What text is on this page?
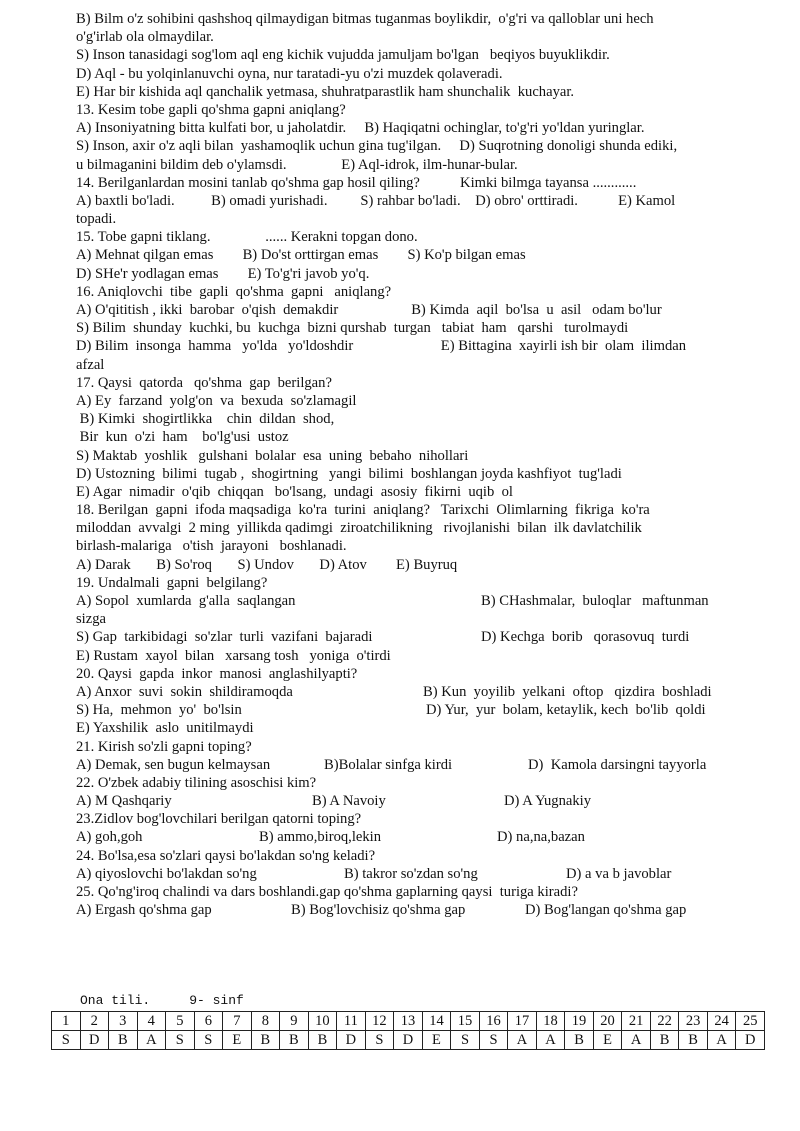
B) Bilm o'z sohibini qashshoq qilmaydigan bitmas tuganmas boylikdir,  o'g'ri va qalloblar uni hech
o'g'irlab ola olmaydilar.
S) Inson tanasidagi sog'lom aql eng kichik vujudda jamuljam bo'lgan   beqiyos buyuklikdir.
D) Aql - bu yolqinlanuvchi oyna, nur taratadi-yu o'zi muzdek qolaveradi.
E) Har bir kishida aql qanchalik yetmasa, shuhratparastlik ham shunchalik  kuchayar.
13. Kesim tobe gapli qo'shma gapni aniqlang?
A) Insoniyatning bitta kulfati bor, u jaholatdir.     B) Haqiqatni ochinglar, to'g'ri yo'ldan yuringlar.
S) Inson, axir o'z aqli bilan  yashamoqlik uchun gina tug'ilgan.     D) Suqrotning donoligi shunda ediki,
u bilmaganini bildim deb o'ylamsdi.               E) Aql-idrok, ilm-hunar-bular.
14. Berilganlardan mosini tanlab qo'shma gap hosil qiling?           Kimki bilmga tayansa ............
A) baxtli bo'ladi.          B) omadi yurishadi.         S) rahbar bo'ladi.    D) obro' orttiradi.           E) Kamol
topadi.
15. Tobe gapni tiklang.               ...... Kerakni topgan dono.
A) Mehnat qilgan emas        B) Do'st orttirgan emas        S) Ko'p bilgan emas
D) SHe'r yodlagan emas        E) To'g'ri javob yo'q.
16. Aniqlovchi  tibe  gapli  qo'shma  gapni   aniqlang?
A) O'qititish , ikki  barobar  o'qish  demakdir                    B) Kimda  aqil  bo'lsa  u  asil   odam bo'lur
S) Bilim  shunday  kuchki, bu  kuchga  bizni qurshab  turgan   tabiat  ham   qarshi   turolmaydi
D) Bilim  insonga  hamma   yo'lda   yo'ldoshdir                        E) Bittagina  xayirli ish bir  olam  ilimdan
afzal
17. Qaysi  qatorda   qo'shma  gap  berilgan?
A) Ey  farzand  yolg'on  va  bexuda  so'zlamagil
B) Kimki  shogirtlikka    chin  dildan  shod,
Bir  kun  o'zi  ham    bo'lg'usi  ustoz
S) Maktab  yoshlik   gulshani  bolalar  esa  uning  bebaho  nihollari
D) Ustozning  bilimi  tugab ,  shogirtning   yangi  bilimi  boshlangan joyda kashfiyot  tug'ladi
E) Agar  nimadir  o'qib  chiqqan   bo'lsang,  undagi  asosiy  fikirni  uqib  ol
18. Berilgan  gapni  ifoda maqsadiga  ko'ra  turini  aniqlang?   Tarixchi  Olimlarning  fikriga  ko'ra
miloddan  avvalgi  2 ming  yillikda qadimgi  ziroatchilikning   rivojlanishi  bilan  ilk davlatchilik
birlash-malariga   o'tish  jarayoni   boshlanadi.
A) Darak       B) So'roq       S) Undov       D) Atov        E) Buyruq
19. Undalmali  gapni  belgilang?
A) Sopol  xumlarda  g'alla  saqlangan	B) CHashmalar,  buloqlar   maftunman
sizga
S) Gap  tarkibidagi  so'zlar  turli  vazifani  bajaradi	D) Kechga  borib   qorasovuq  turdi
E) Rustam  xayol  bilan   xarsang tosh   yoniga  o'tirdi
20. Qaysi  gapda  inkor  manosi  anglashilyapti?
A) Anxor  suvi  sokin  shildiramoqda	B) Kun  yoyilib  yelkani  oftop   qizdira  boshladi
S) Ha,  mehmon  yo'  bo'lsin	D) Yur,  yur  bolam, ketaylik, kech  bo'lib  qoldi
E) Yaxshilik  aslo  unitilmaydi
21. Kirish so'zli gapni toping?
A) Demak, sen bugun kelmaysan	B)Bolalar sinfga kirdi	D)  Kamola darsingni tayyorla
22. O'zbek adabiy tilining asoschisi kim?
A) M Qashqariy	B) A Navoiy	D) A Yugnakiy
23.Zidlov bog'lovchilari berilgan qatorni toping?
A) goh,goh	B) ammo,biroq,lekin	D) na,na,bazan
24. Bo'lsa,esa so'zlari qaysi bo'lakdan so'ng keladi?
A) qiyoslovchi bo'lakdan so'ng	B) takror so'zdan so'ng	D) a va b javoblar
25. Qo'ng'iroq chalindi va dars boshlandi.gap qo'shma gaplarning qaysi  turiga kiradi?
A) Ergash qo'shma gap	B) Bog'lovchisiz qo'shma gap	D) Bog'langan qo'shma gap
Ona tili.     9- sinf
1	2	3	4	5	6	7	8	9	10	11	12	13	14	15	16	17	18	19	20	21	22	23	24	25
S	D	B	A	S	S	E	B	B	B	D	S	D	E	S	S	A	A	B	E	A	B	B	A	D
